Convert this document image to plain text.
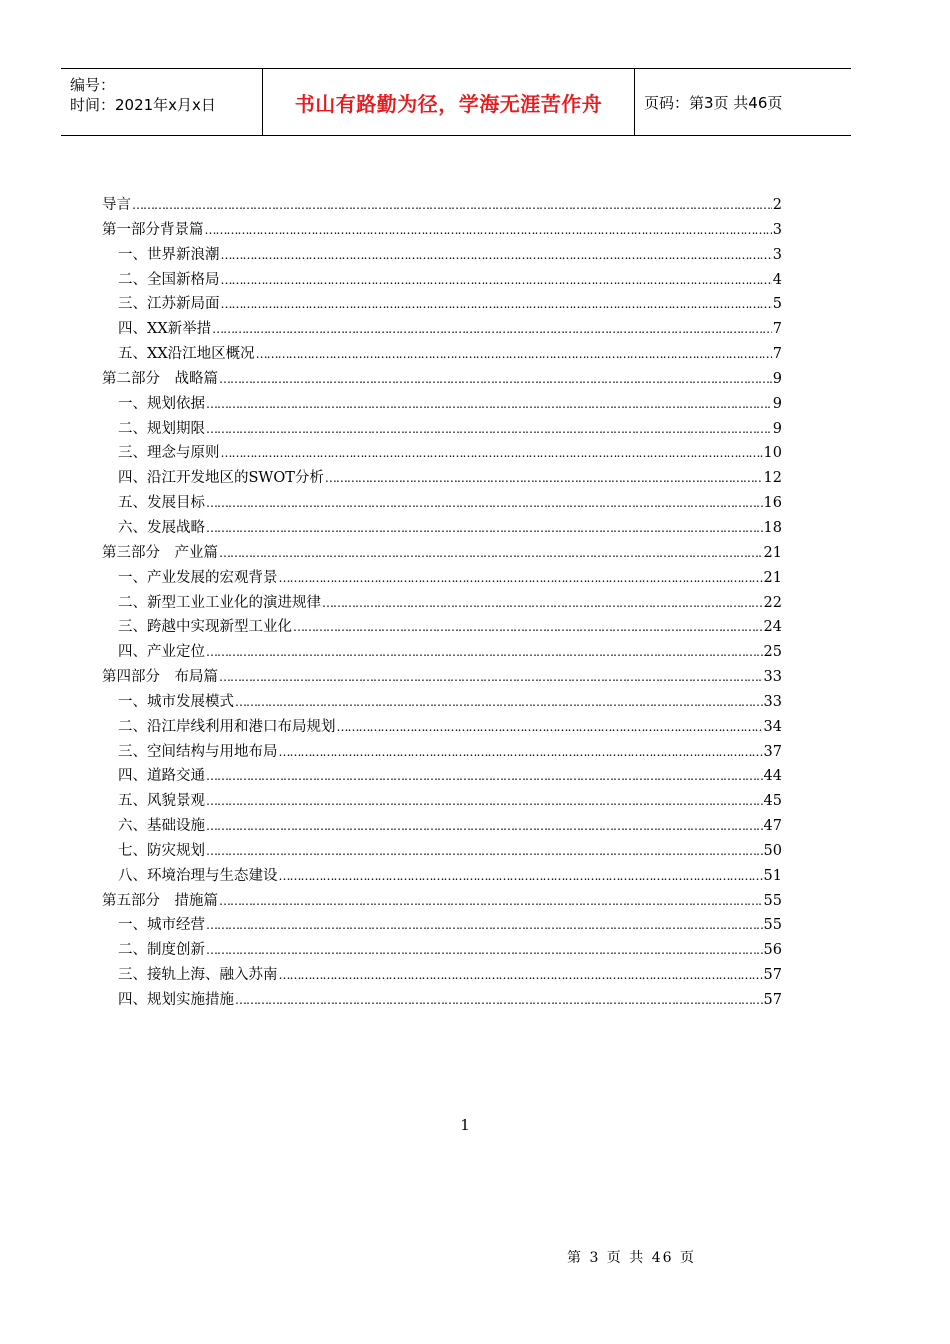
编号：
时间：2021年x月x日	书山有路勤为径，学海无涯苦作舟	页码：第3页 共46页
导言 ……………………………………………………………………………………………………………………………………………………………………………………………………………………	2
第一部分背景篇 ……………………………………………………………………………………………………………………………………………………………………………………………………………………	3
一、世界新浪潮 ……………………………………………………………………………………………………………………………………………………………………………………………………………………	3
二、全国新格局 ……………………………………………………………………………………………………………………………………………………………………………………………………………………	4
三、江苏新局面 ……………………………………………………………………………………………………………………………………………………………………………………………………………………	5
四、XX新举措 ……………………………………………………………………………………………………………………………………………………………………………………………………………………	7
五、XX沿江地区概况 ……………………………………………………………………………………………………………………………………………………………………………………………………………………	7
第二部分　战略篇 ……………………………………………………………………………………………………………………………………………………………………………………………………………………	9
一、规划依据 ……………………………………………………………………………………………………………………………………………………………………………………………………………………	9
二、规划期限 ……………………………………………………………………………………………………………………………………………………………………………………………………………………	9
三、理念与原则 ……………………………………………………………………………………………………………………………………………………………………………………………………………………	10
四、沿江开发地区的SWOT分析 ……………………………………………………………………………………………………………………………………………………………………………………………………………………	12
五、发展目标 ……………………………………………………………………………………………………………………………………………………………………………………………………………………	16
六、发展战略 ……………………………………………………………………………………………………………………………………………………………………………………………………………………	18
第三部分　产业篇 ……………………………………………………………………………………………………………………………………………………………………………………………………………………	21
一、产业发展的宏观背景 ……………………………………………………………………………………………………………………………………………………………………………………………………………………	21
二、新型工业工业化的演进规律 ……………………………………………………………………………………………………………………………………………………………………………………………………………………	22
三、跨越中实现新型工业化 ……………………………………………………………………………………………………………………………………………………………………………………………………………………	24
四、产业定位 ……………………………………………………………………………………………………………………………………………………………………………………………………………………	25
第四部分　布局篇 ……………………………………………………………………………………………………………………………………………………………………………………………………………………	33
一、城市发展模式 ……………………………………………………………………………………………………………………………………………………………………………………………………………………	33
二、沿江岸线利用和港口布局规划 ……………………………………………………………………………………………………………………………………………………………………………………………………………………	34
三、空间结构与用地布局 ……………………………………………………………………………………………………………………………………………………………………………………………………………………	37
四、道路交通 ……………………………………………………………………………………………………………………………………………………………………………………………………………………	44
五、风貌景观 ……………………………………………………………………………………………………………………………………………………………………………………………………………………	45
六、基础设施 ……………………………………………………………………………………………………………………………………………………………………………………………………………………	47
七、防灾规划 ……………………………………………………………………………………………………………………………………………………………………………………………………………………	50
八、环境治理与生态建设 ……………………………………………………………………………………………………………………………………………………………………………………………………………………	51
第五部分　措施篇 ……………………………………………………………………………………………………………………………………………………………………………………………………………………	55
一、城市经营 ……………………………………………………………………………………………………………………………………………………………………………………………………………………	55
二、制度创新 ……………………………………………………………………………………………………………………………………………………………………………………………………………………	56
三、接轨上海、融入苏南 ……………………………………………………………………………………………………………………………………………………………………………………………………………………	57
四、规划实施措施 ……………………………………………………………………………………………………………………………………………………………………………………………………………………	57
1
第 3 页 共 46 页
